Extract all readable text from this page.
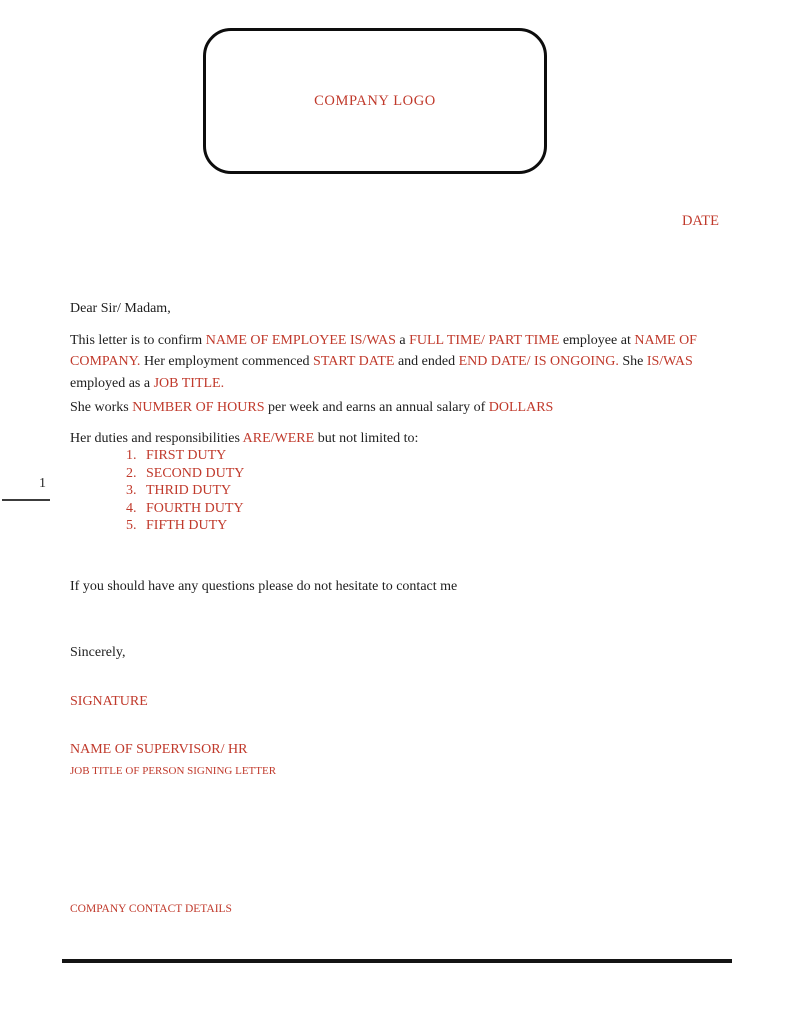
COMPANY LOGO
DATE
1

Dear Sir/ Madam,

This letter is to confirm NAME OF EMPLOYEE IS/WAS a FULL TIME/ PART TIME employee at NAME OF COMPANY. Her employment commenced START DATE and ended END DATE/ IS ONGOING. She IS/WAS employed as a JOB TITLE.

She works NUMBER OF HOURS per week and earns an annual salary of DOLLARS

Her duties and responsibilities ARE/WERE but not limited to:

1. FIRST DUTY
2. SECOND DUTY
3. THRID DUTY
4. FOURTH DUTY
5. FIFTH DUTY

If you should have any questions please do not hesitate to contact me

Sincerely,

SIGNATURE

NAME OF SUPERVISOR/ HR

JOB TITLE OF PERSON SIGNING LETTER

COMPANY CONTACT DETAILS
